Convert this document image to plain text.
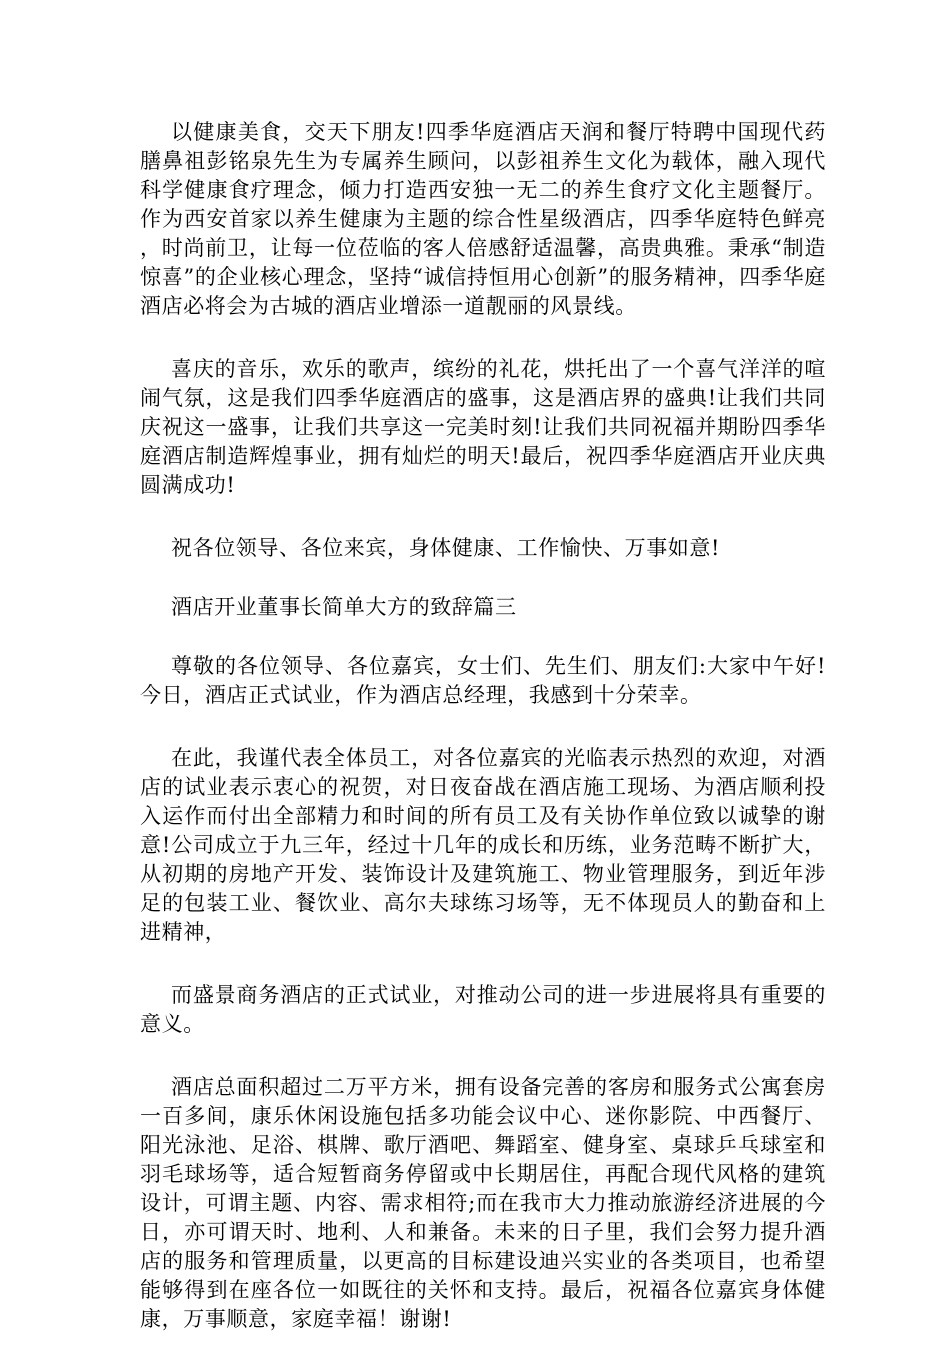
以健康美食，交天下朋友!四季华庭酒店天润和餐厅特聘中国现代药膳鼻祖彭铭泉先生为专属养生顾问，以彭祖养生文化为载体，融入现代科学健康食疗理念，倾力打造西安独一无二的养生食疗文化主题餐厅。作为西安首家以养生健康为主题的综合性星级酒店，四季华庭特色鲜亮，时尚前卫，让每一位莅临的客人倍感舒适温馨，高贵典雅。秉承“制造惊喜”的企业核心理念，坚持“诚信持恒用心创新”的服务精神，四季华庭酒店必将会为古城的酒店业增添一道靓丽的风景线。

喜庆的音乐，欢乐的歌声，缤纷的礼花，烘托出了一个喜气洋洋的喧闹气氛，这是我们四季华庭酒店的盛事，这是酒店界的盛典!让我们共同庆祝这一盛事，让我们共享这一完美时刻!让我们共同祝福并期盼四季华庭酒店制造辉煌事业，拥有灿烂的明天!最后，祝四季华庭酒店开业庆典圆满成功!

祝各位领导、各位来宾，身体健康、工作愉快、万事如意!

酒店开业董事长简单大方的致辞篇三

尊敬的各位领导、各位嘉宾，女士们、先生们、朋友们:大家中午好!今日，酒店正式试业，作为酒店总经理，我感到十分荣幸。

在此，我谨代表全体员工，对各位嘉宾的光临表示热烈的欢迎，对酒店的试业表示衷心的祝贺，对日夜奋战在酒店施工现场、为酒店顺利投入运作而付出全部精力和时间的所有员工及有关协作单位致以诚挚的谢意!公司成立于九三年，经过十几年的成长和历练，业务范畴不断扩大，从初期的房地产开发、装饰设计及建筑施工、物业管理服务，到近年涉足的包装工业、餐饮业、高尔夫球练习场等，无不体现员人的勤奋和上进精神，

而盛景商务酒店的正式试业，对推动公司的进一步进展将具有重要的意义。

酒店总面积超过二万平方米，拥有设备完善的客房和服务式公寓套房一百多间，康乐休闲设施包括多功能会议中心、迷你影院、中西餐厅、阳光泳池、足浴、棋牌、歌厅酒吧、舞蹈室、健身室、桌球乒乓球室和羽毛球场等，适合短暂商务停留或中长期居住，再配合现代风格的建筑设计，可谓主题、内容、需求相符;而在我市大力推动旅游经济进展的今日，亦可谓天时、地利、人和兼备。未来的日子里，我们会努力提升酒店的服务和管理质量，以更高的目标建设迪兴实业的各类项目，也希望能够得到在座各位一如既往的关怀和支持。最后，祝福各位嘉宾身体健康，万事顺意，家庭幸福！谢谢!
